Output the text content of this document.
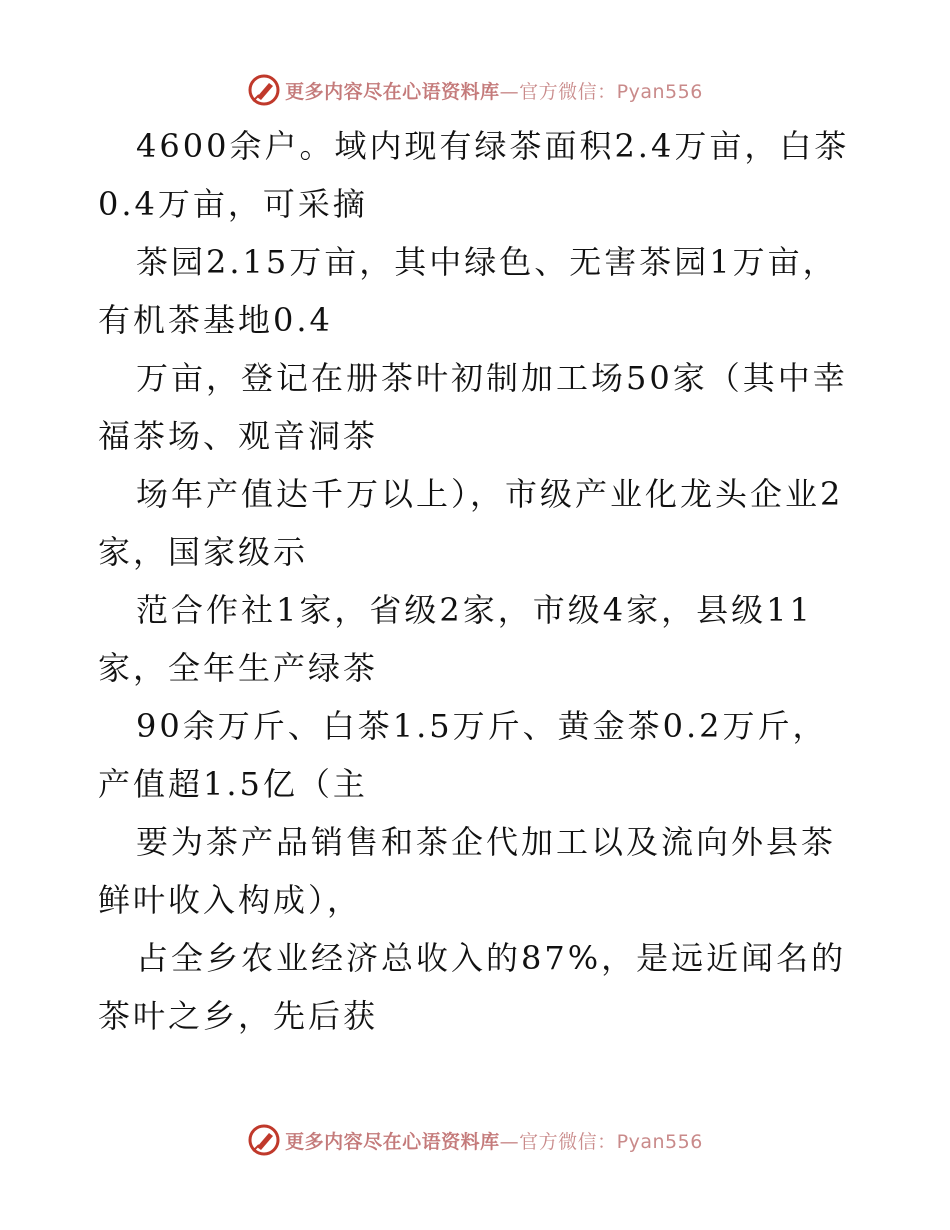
更多内容尽在心语资料库—官方微信：Pyan556

4600余户。域内现有绿茶面积2.4万亩，白茶0.4万亩，可采摘

茶园2.15万亩，其中绿色、无害茶园1万亩，有机茶基地0.4

万亩，登记在册茶叶初制加工场50家（其中幸福茶场、观音洞茶

场年产值达千万以上），市级产业化龙头企业2家，国家级示

范合作社1家，省级2家，市级4家，县级11家，全年生产绿茶

90余万斤、白茶1.5万斤、黄金茶0.2万斤，产值超1.5亿（主

要为茶产品销售和茶企代加工以及流向外县茶鲜叶收入构成），

占全乡农业经济总收入的87%，是远近闻名的茶叶之乡，先后获

更多内容尽在心语资料库—官方微信：Pyan556
